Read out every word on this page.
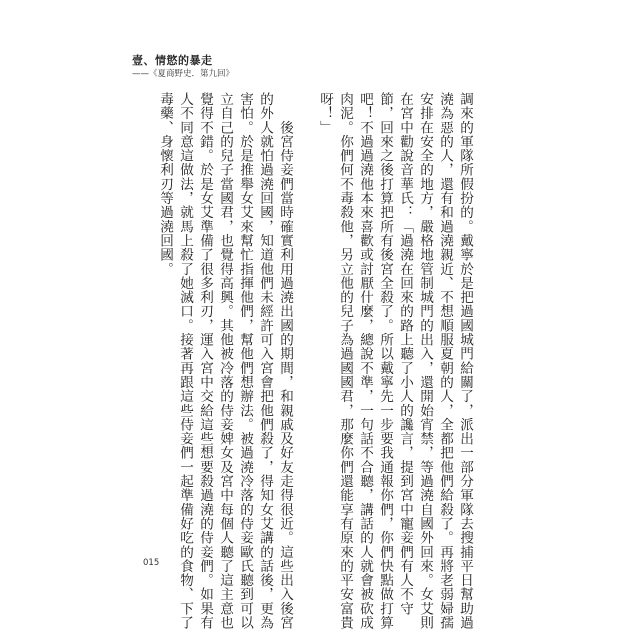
壹、情慾的暴走
——《夏商野史．第九回》
調來的軍隊所假扮的。戴寧於是把過國城門給關了，派出一部分軍隊去搜捕平日幫助過
澆為惡的人，還有和過澆親近、不想順服夏朝的人，全都把他們給殺了。再將老弱婦孺
安排在安全的地方，嚴格地管制城門的出入，還開始宵禁，等過澆自國外回來。女艾則
在宮中勸說音華氏：「過澆在回來的路上聽了小人的讒言，提到宮中寵妾們有人不守
節，回來之後打算把所有後宮全殺了。所以戴寧先一步要我通報你們，你們快點做打算
吧！不過過澆他本來喜歡或討厭什麼，總說不準，一句話不合聽，講話的人就會被砍成
肉泥。你們何不毒殺他，另立他的兒子為過國國君，那麼你們還能享有原來的平安富貴
呀！」
　　後宮侍妾們當時確實利用過澆出國的期間，和親戚及好友走得很近。這些出入後宮
的外人就怕過澆回國，知道他們未經許可入宮會把他們殺了，得知女艾講的話後，更為
害怕。於是推舉女艾來幫忙指揮他們，幫他們想辦法。被過澆冷落的侍妾歐氏聽到可以
立自己的兒子當國君，也覺得高興。其他被冷落的侍妾婢女及宮中每個人聽了這主意也
覺得不錯。於是女艾準備了很多利刃，運入宮中交給這些想要殺過澆的侍妾們。如果有
人不同意這做法，就馬上殺了她滅口。接著再跟這些侍妾們一起準備好吃的食物、下了
毒藥、身懷利刃等過澆回國。
015
